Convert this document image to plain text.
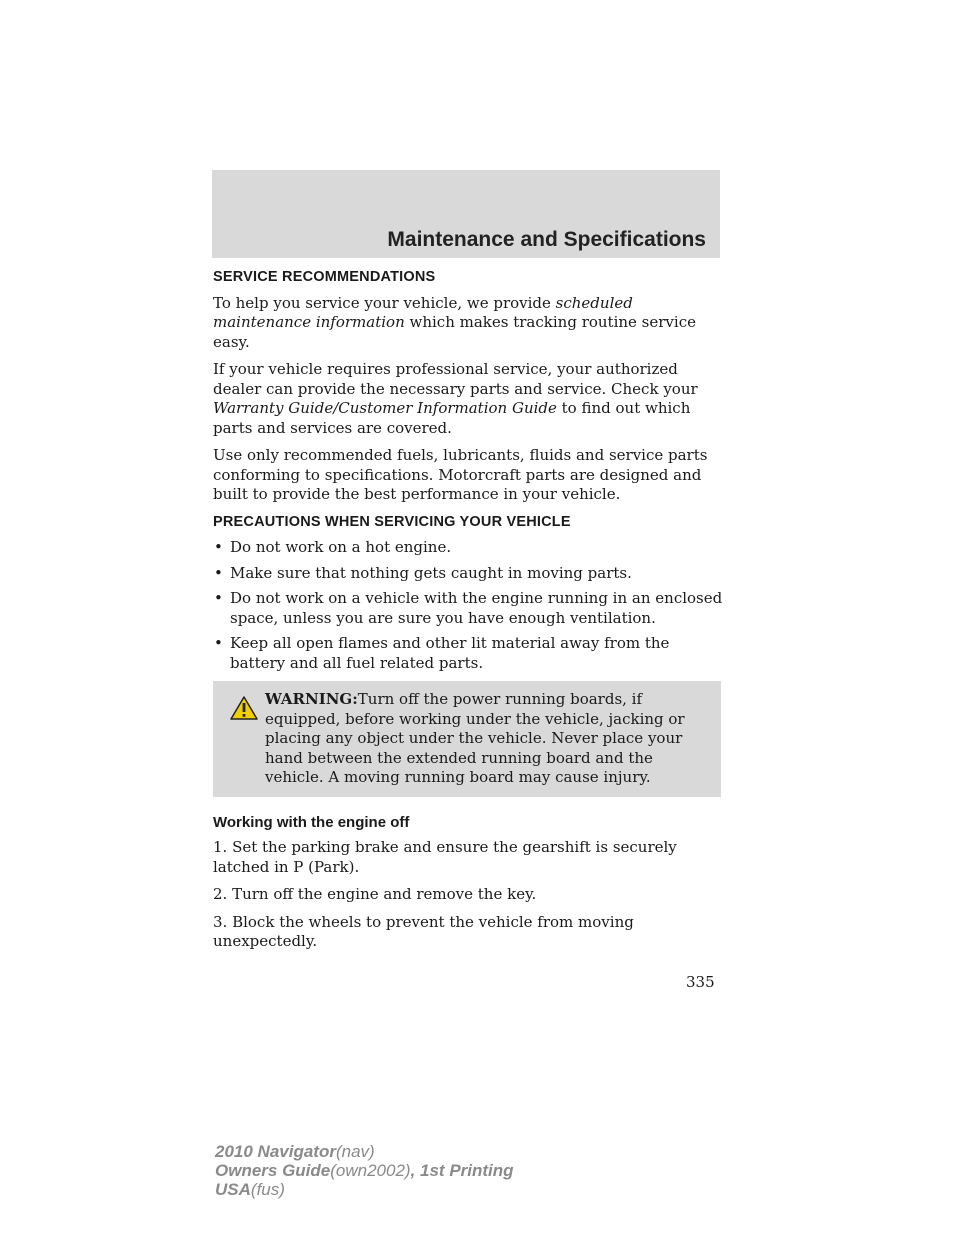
Maintenance and Specifications
SERVICE RECOMMENDATIONS

To help you service your vehicle, we provide scheduled maintenance information which makes tracking routine service easy.

If your vehicle requires professional service, your authorized dealer can provide the necessary parts and service. Check your Warranty Guide/Customer Information Guide to find out which parts and services are covered.

Use only recommended fuels, lubricants, fluids and service parts conforming to specifications. Motorcraft parts are designed and built to provide the best performance in your vehicle.

PRECAUTIONS WHEN SERVICING YOUR VEHICLE
• Do not work on a hot engine.
• Make sure that nothing gets caught in moving parts.
• Do not work on a vehicle with the engine running in an enclosed space, unless you are sure you have enough ventilation.
• Keep all open flames and other lit material away from the battery and all fuel related parts.
WARNING:Turn off the power running boards, if equipped, before working under the vehicle, jacking or placing any object under the vehicle. Never place your hand between the extended running board and the vehicle. A moving running board may cause injury.
Working with the engine off

1. Set the parking brake and ensure the gearshift is securely latched in P (Park).

2. Turn off the engine and remove the key.

3. Block the wheels to prevent the vehicle from moving unexpectedly.

335
2010 Navigator(nav)
Owners Guide(own2002), 1st Printing
USA(fus)
